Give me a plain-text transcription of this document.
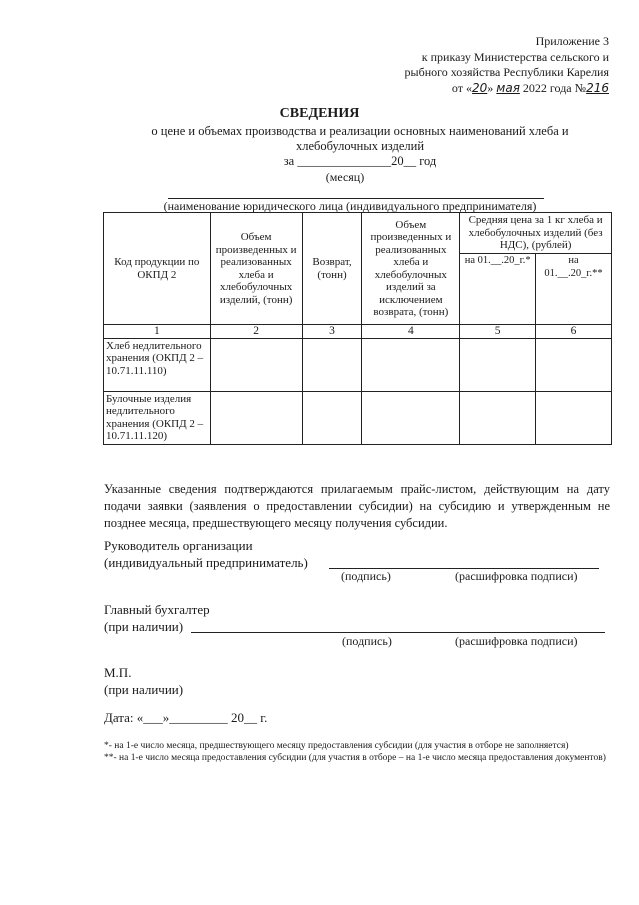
Приложение 3
к приказу Министерства сельского и
рыбного хозяйства Республики Карелия
от «20» мая 2022 года №216
СВЕДЕНИЯ
о цене и объемах производства и реализации основных наименований хлеба и хлебобулочных изделий
за _______________20__ год
(месяц)
(наименование юридического лица (индивидуального предпринимателя)
Код продукции по ОКПД 2	Объем произведенных и реализованных хлеба и хлебобулочных изделий, (тонн)	Возврат, (тонн)	Объем произведенных и реализованных хлеба и хлебобулочных изделий за исключением возврата, (тонн)	Средняя цена за 1 кг хлеба и хлебобулочных изделий (без НДС), (рублей)	
				на 01.__.20_г.*	на 01.__.20_г.**
1	2	3	4	5	6
Хлеб недлительного хранения (ОКПД 2 – 10.71.11.110)					
Булочные изделия недлительного хранения (ОКПД 2 – 10.71.11.120)					
Указанные сведения подтверждаются прилагаемым прайс-листом, действующим на дату подачи заявки (заявления о предоставлении субсидии) на субсидию и утвержденным не позднее месяца, предшествующего месяцу получения субсидии.
Руководитель организации
(индивидуальный предприниматель)
(подпись)	(расшифровка подписи)
Главный бухгалтер
(при наличии)
(подпись)	(расшифровка подписи)
М.П.
(при наличии)
Дата: «___»_________ 20__ г.
*- на 1-е число месяца, предшествующего месяцу предоставления субсидии (для участия в отборе не заполняется)
**- на 1-е число месяца предоставления субсидии (для участия в отборе – на 1-е число месяца предоставления документов)
